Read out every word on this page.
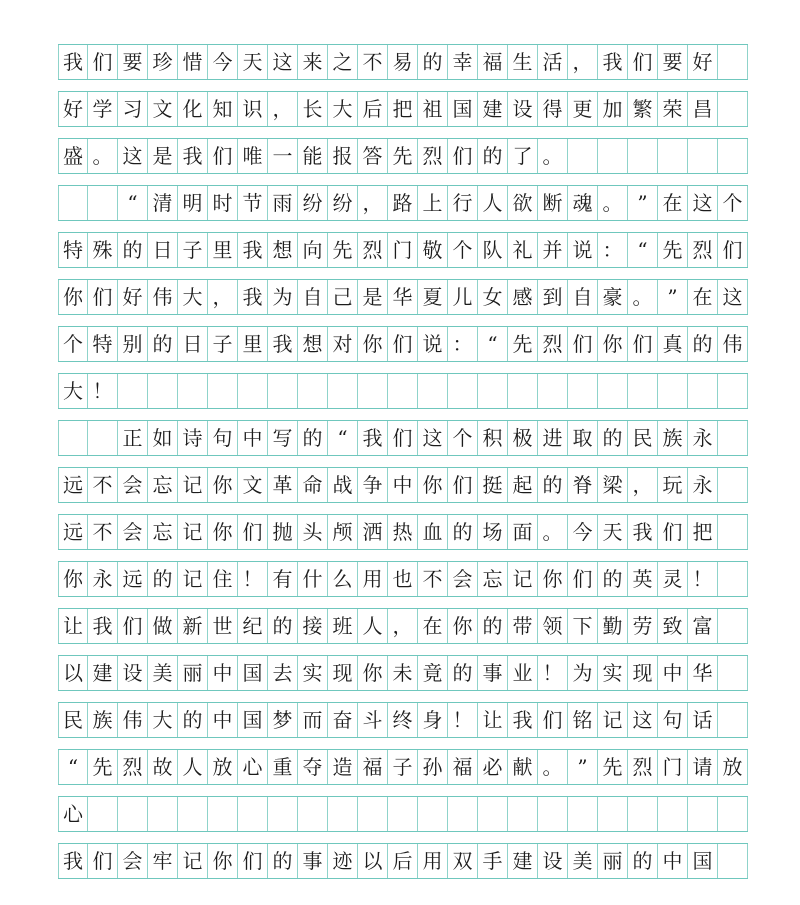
我 们 要 珍 惜 今 天 这 来 之 不 易 的 幸 福 生 活 ， 我 们 要 好
好 学 习 文 化 知 识 ， 长 大 后 把 祖 国 建 设 得 更 加 繁 荣 昌
盛 。 这 是 我 们 唯 一 能 报 答 先 烈 们 的 了 。
“ 清 明 时 节 雨 纷 纷 ， 路 上 行 人 欲 断 魂 。 ” 在 这 个
特 殊 的 日 子 里 我 想 向 先 烈 门 敬 个 队 礼 并 说 ： “ 先 烈 们
你 们 好 伟 大 ， 我 为 自 己 是 华 夏 儿 女 感 到 自 豪 。 ” 在 这
个 特 别 的 日 子 里 我 想 对 你 们 说 ： “ 先 烈 们 你 们 真 的 伟
大 ！
正 如 诗 句 中 写 的 “ 我 们 这 个 积 极 进 取 的 民 族 永
远 不 会 忘 记 你 文 革 命 战 争 中 你 们 挺 起 的 脊 梁 ， 玩 永
远 不 会 忘 记 你 们 抛 头 颅 洒 热 血 的 场 面 。 今 天 我 们 把
你 永 远 的 记 住 ！ 有 什 么 用 也 不 会 忘 记 你 们 的 英 灵 ！
让 我 们 做 新 世 纪 的 接 班 人 ， 在 你 的 带 领 下 勤 劳 致 富
以 建 设 美 丽 中 国 去 实 现 你 未 竟 的 事 业 ！ 为 实 现 中 华
民 族 伟 大 的 中 国 梦 而 奋 斗 终 身 ！ 让 我 们 铭 记 这 句 话
“ 先 烈 故 人 放 心 重 夺 造 福 子 孙 福 必 献 。 ” 先 烈 门 请 放
心
我 们 会 牢 记 你 们 的 事 迹 以 后 用 双 手 建 设 美 丽 的 中 国
